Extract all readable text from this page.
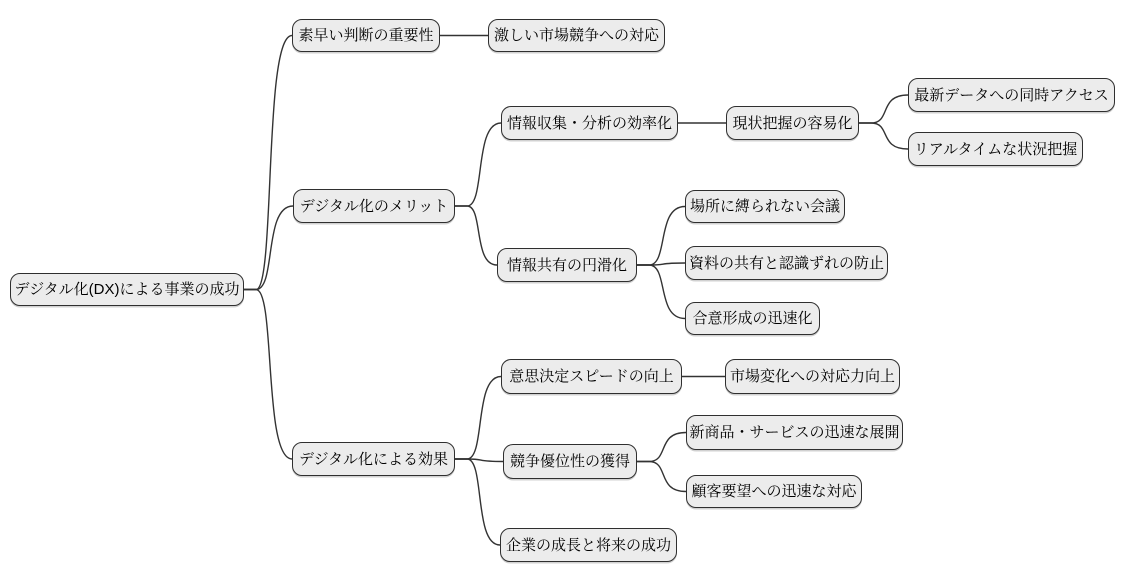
デジタル化(DX)による事業の成功
素早い判断の重要性	激しい市場競争への対応
デジタル化のメリット
情報収集・分析の効率化	現状把握の容易化
最新データへの同時アクセス
リアルタイムな状況把握
情報共有の円滑化
場所に縛られない会議
資料の共有と認識ずれの防止
合意形成の迅速化
デジタル化による効果
意思決定スピードの向上	市場変化への対応力向上
競争優位性の獲得
新商品・サービスの迅速な展開
顧客要望への迅速な対応
企業の成長と将来の成功
